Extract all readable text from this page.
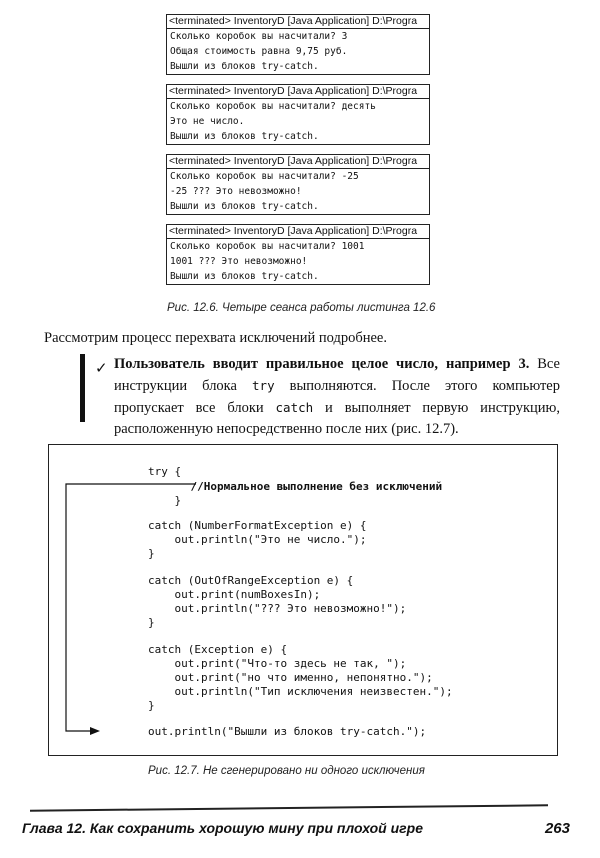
<terminated> InventoryD [Java Application] D:\Progra
Сколько коробок вы насчитали? 3
Общая стоимость равна 9,75 руб.
Вышли из блоков try-catch.
<terminated> InventoryD [Java Application] D:\Progra
Сколько коробок вы насчитали? десять
Это не число.
Вышли из блоков try-catch.
<terminated> InventoryD [Java Application] D:\Progra
Сколько коробок вы насчитали? -25
-25 ??? Это невозможно!
Вышли из блоков try-catch.
<terminated> InventoryD [Java Application] D:\Progra
Сколько коробок вы насчитали? 1001
1001 ??? Это невозможно!
Вышли из блоков try-catch.
Рис. 12.6. Четыре сеанса работы листинга 12.6
Рассмотрим процесс перехвата исключений подробнее.
✓ Пользователь вводит правильное целое число, например 3. Все инструкции блока try выполняются. После этого компьютер пропускает все блоки catch и выполняет первую инструкцию, расположенную непосредственно после них (рис. 12.7).
try {
//Нормальное выполнение без исключений
}
catch (NumberFormatException e) {
out.println("Это не число.");
}
catch (OutOfRangeException e) {
out.print(numBoxesIn);
out.println("??? Это невозможно!");
}
catch (Exception e) {
out.print("Что-то здесь не так, ");
out.print("но что именно, непонятно.");
out.println("Тип исключения неизвестен.");
}
out.println("Вышли из блоков try-catch.");
Рис. 12.7. Не сгенерировано ни одного исключения
Глава 12. Как сохранить хорошую мину при плохой игре	263
